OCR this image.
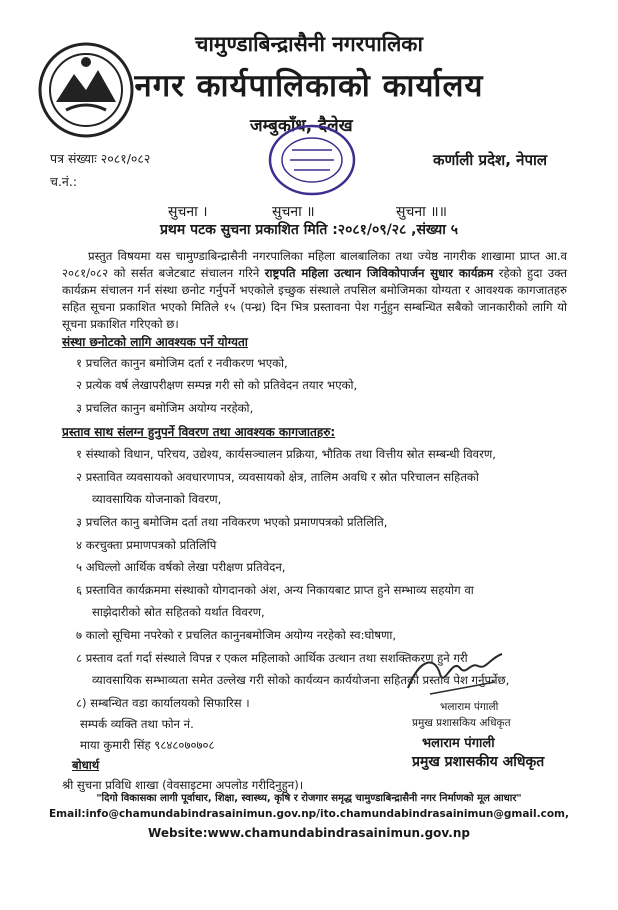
चामुण्डाबिन्द्रासैनी नगरपालिका
नगर कार्यपालिकाको कार्यालय
जम्बुकाँध, दैलेख
पत्र संख्याः २०८१/०८२
च.नं.:
कर्णाली प्रदेश, नेपाल
सुचना ।	सुचना ॥	सुचना ॥॥
प्रथम पटक सुचना प्रकाशित मिति :२०८१/०९/२८ ,संख्या ५
प्रस्तुत विषयमा यस चामुण्डाबिन्द्रासैनी नगरपालिका महिला बालबालिका तथा ज्येष्ठ नागरीक शाखामा प्राप्त आ.व २०८१/०८२ को सर्सत बजेटबाट संचालन गरिने राष्ट्रपति महिला उत्थान जिविकोपार्जन सुधार कार्यक्रम रहेको हुदा उक्त कार्यक्रम संचालन गर्न संस्था छनोट गर्नुपर्ने भएकोले इच्छुक संस्थाले तपसिल बमोजिमका योग्यता र आवश्यक कागजातहरु सहित सूचना प्रकाशित भएको मितिले १५ (पन्ध्र) दिन भित्र प्रस्तावना पेश गर्नुहुन सम्बन्धित सबैको जानकारीको लागि यो सूचना प्रकाशित गरिएको छ।
संस्था छनोटको लागि आवश्यक पर्ने योग्यता
१ प्रचलित कानुन बमोजिम दर्ता र नवीकरण भएको,
२ प्रत्येक वर्ष लेखापरीक्षण सम्पन्न गरी सो को प्रतिवेदन तयार भएको,
३ प्रचलित कानुन बमोजिम अयोग्य नरहेको,
प्रस्ताव साथ संलग्न हुनुपर्ने विवरण तथा आवश्यक कागजातहरु:
१ संस्थाको विधान, परिचय, उद्येश्य, कार्यसञ्चालन प्रक्रिया, भौतिक तथा वित्तीय स्रोत सम्बन्धी विवरण,
२ प्रस्तावित व्यवसायको अवधारणापत्र, व्यवसायको क्षेत्र, तालिम अवधि र स्रोत परिचालन सहितको
व्यावसायिक योजनाको विवरण,
३ प्रचलित कानु बमोजिम दर्ता तथा नविकरण भएको प्रमाणपत्रको प्रतिलिति,
४ करचुक्ता प्रमाणपत्रको प्रतिलिपि
५ अघिल्लो आर्थिक वर्षको लेखा परीक्षण प्रतिवेदन,
६ प्रस्तावित कार्यक्रममा संस्थाको योगदानको अंश, अन्य निकायबाट प्राप्त हुने सम्भाव्य सहयोग वा
साझेदारीको स्रोत सहितको यर्थात विवरण,
७ कालो सूचिमा नपरेको र प्रचलित कानुनबमोजिम अयोग्य नरहेको स्व:घोषणा,
८ प्रस्ताव दर्ता गर्दा संस्थाले विपन्न र एकल महिलाको आर्थिक उत्थान तथा सशक्तिकरण हुने गरी
व्यावसायिक सम्भाव्यता समेत उल्लेख गरी सोको कार्यव्यन कार्ययोजना सहितको प्रस्ताव पेश गर्नुपर्नेछ,
८) सम्बन्धित वडा कार्यालयको सिफारिस ।
सम्पर्क व्यक्ति तथा फोन नं.
माया कुमारी सिंह ९८४८०७०७०८
बोधार्थ
श्री सुचना प्रविधि शाखा (वेवसाइटमा अपलोड गरीदिनुहुन)।
भलाराम पंगाली
प्रमुख प्रशासकिय अधिकृत
भलाराम पंगाली
प्रमुख प्रशासकीय अधिकृत
"दिगो विकासका लागी पूर्वाधार, शिक्षा, स्वास्थ्य, कृषि र रोजगार समृद्ध चामुण्डाबिन्द्रासैनी नगर निर्माणको मूल आधार"
Email:info@chamundabindrasainimun.gov.np/ito.chamundabindrasainimun@gmail.com,
Website:www.chamundabindrasainimun.gov.np
